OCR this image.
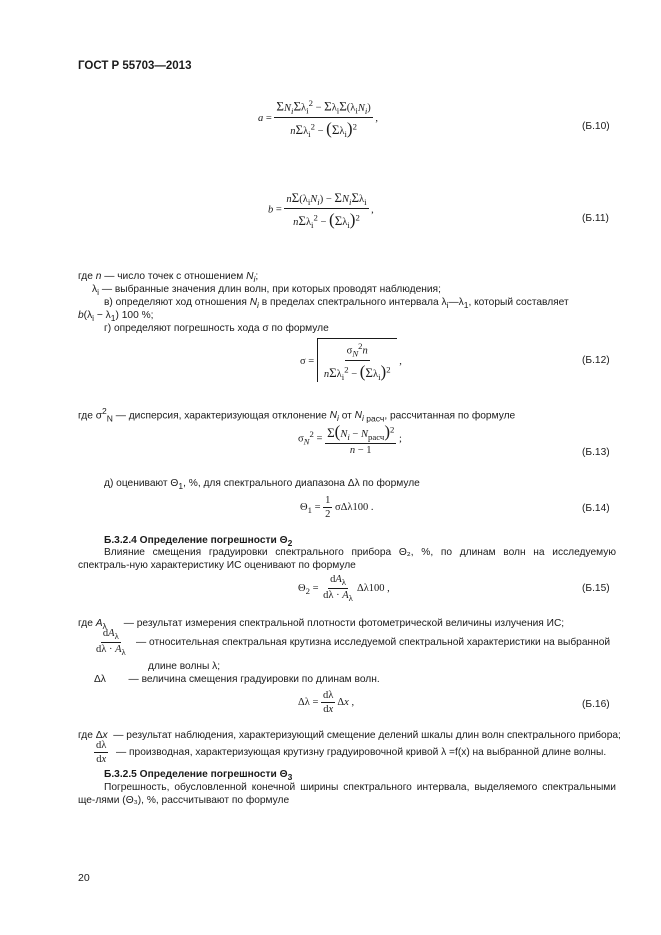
ГОСТ Р 55703—2013
$a = \frac{\Sigma N_i\Sigma\lambda_i^2 - \Sigma\lambda_i\Sigma(\lambda_iN_i)}{n\Sigma\lambda_i^2 - (\Sigma\lambda_i)^2}$ ,
(Б.10)
$b = \frac{n\Sigma(\lambda_iN_i) - \Sigma N_i\Sigma\lambda_i}{n\Sigma\lambda_i^2 - (\Sigma\lambda_i)^2}$ ,
(Б.11)
где n — число точек с отношением $N_i$;
$\lambda_i$ — выбранные значения длин волн, при которых проводят наблюдения;
в) определяют ход отношения $N_i$ в пределах спектрального интервала $\lambda_i—\lambda_1$, который составляет
$b(\lambda_i - \lambda_1)$ 100 %;
г) определяют погрешность хода σ по формуле
$\sigma = \frac{\sigma_N^2n}{n\Sigma\lambda_i^2 - (\Sigma\lambda_i)^2}$ ,	(Б.12)
где $\sigma^2_N$ — дисперсия, характеризующая отклонение $N_i$ от $N_i$ $_{расч}$, рассчитанная по формуле
$\sigma_N^2 = \frac{\Sigma(N_i - N_{расч})^2}{n - 1}$ ;
(Б.13)
д) оценивают $\Theta_1$, %, для спектрального диапазона Δλ по формуле
$\Theta_1 = \frac{1}{2} \sigma\Delta\lambda 100$ .	(Б.14)
Б.3.2.4 Определение погрешности $\Theta_2$
Влияние смещения градуировки спектрального прибора Θ₂, %, по длинам волн на исследуемую спектраль-ную характеристику ИС оценивают по формуле
$\Theta_2 = \frac{dA_\lambda}{d\lambda \cdot A_\lambda} \Delta\lambda 100$ ,	(Б.15)
где $A_\lambda$ — результат измерения спектральной плотности фотометрической величины излучения ИС;
$\frac{dA_\lambda}{d\lambda \cdot A_\lambda}$ — относительная спектральная крутизна исследуемой спектральной характеристики на выбранной
длине волны λ;
Δλ        — величина смещения градуировки по длинам волн.
$\Delta\lambda = \frac{d\lambda}{dx}$ Δx ,	(Б.16)
где Δx — результат наблюдения, характеризующий смещение делений шкалы длин волн спектрального прибора;
$\frac{d\lambda}{dx}$ — производная, характеризующая крутизну градуировочной кривой λ =f(x) на выбранной длине волны.
Б.3.2.5 Определение погрешности $\Theta_3$
Погрешность, обусловленной конечной ширины спектрального интервала, выделяемого спектральными ще-лями (Θ₃), %, рассчитывают по формуле
20
